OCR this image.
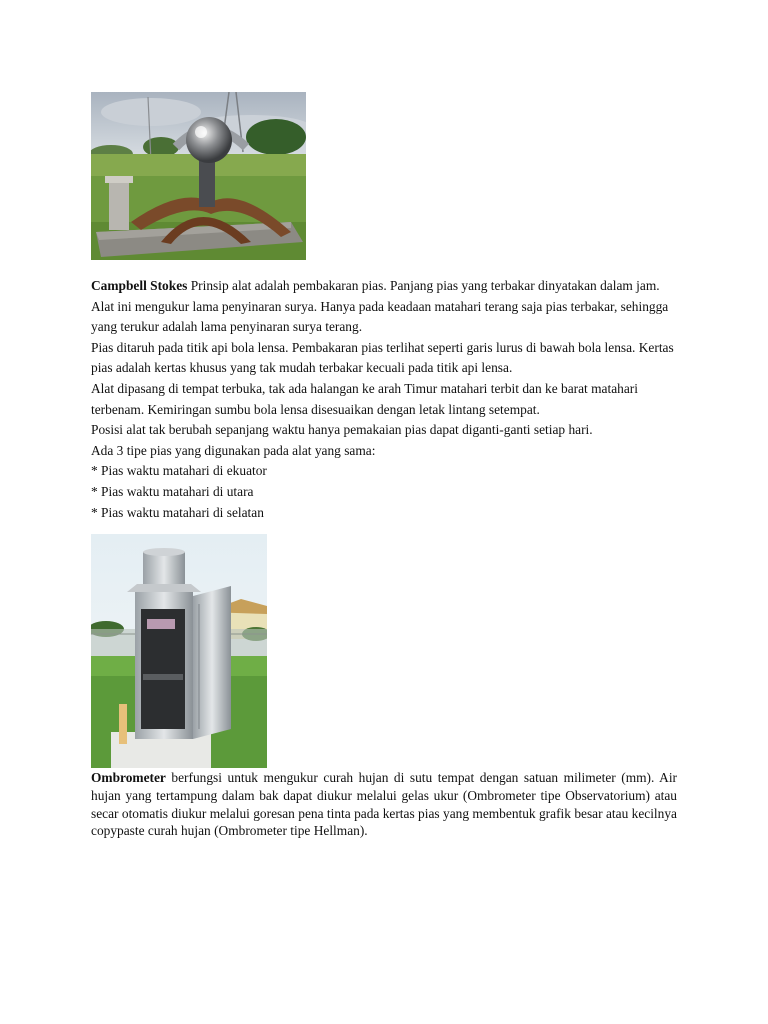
Campbell Stokes Prinsip alat adalah pembakaran pias. Panjang pias yang terbakar dinyatakan dalam jam. Alat ini mengukur lama penyinaran surya. Hanya pada keadaan matahari terang saja pias terbakar, sehingga yang terukur adalah lama penyinaran surya terang.

Pias ditaruh pada titik api bola lensa. Pembakaran pias terlihat seperti garis lurus di bawah bola lensa. Kertas pias adalah kertas khusus yang tak mudah terbakar kecuali pada titik api lensa.

Alat dipasang di tempat terbuka, tak ada halangan ke arah Timur matahari terbit dan ke barat matahari terbenam. Kemiringan sumbu bola lensa disesuaikan dengan letak lintang setempat.

Posisi alat tak berubah sepanjang waktu hanya pemakaian pias dapat diganti-ganti setiap hari.

Ada 3 tipe pias yang digunakan pada alat yang sama:

* Pias waktu matahari di ekuator

* Pias waktu matahari di utara

* Pias waktu matahari di selatan

Ombrometer berfungsi untuk mengukur curah hujan di sutu tempat dengan satuan milimeter (mm). Air hujan yang tertampung dalam bak dapat diukur melalui gelas ukur (Ombrometer tipe Observatorium) atau secar otomatis diukur melalui goresan pena tinta pada kertas pias yang membentuk grafik besar atau kecilnya copypaste curah hujan (Ombrometer tipe Hellman).
